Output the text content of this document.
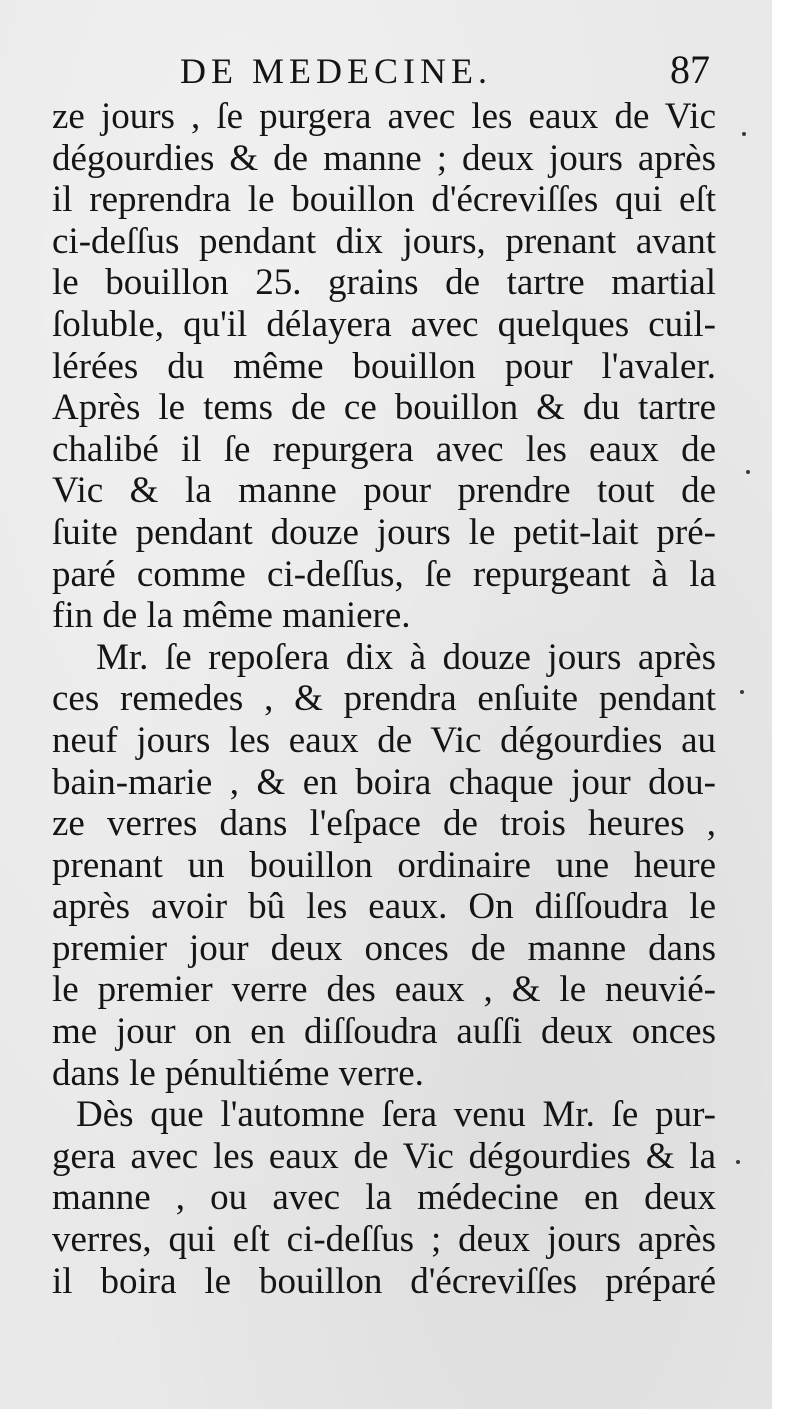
DE MEDECINE.	87
ze jours , ſe purgera avec les eaux de Vic
dégourdies & de manne ; deux jours après
il reprendra le bouillon d'écreviſſes qui eſt
ci-deſſus pendant dix jours, prenant avant
le bouillon 25. grains de tartre martial
ſoluble, qu'il délayera avec quelques cuil-
lérées du même bouillon pour l'avaler.
Après le tems de ce bouillon & du tartre
chalibé il ſe repurgera avec les eaux de
Vic & la manne pour prendre tout de
ſuite pendant douze jours le petit-lait pré-
paré comme ci-deſſus, ſe repurgeant à la
fin de la même maniere.
Mr. ſe repoſera dix à douze jours après
ces remedes , & prendra enſuite pendant
neuf jours les eaux de Vic dégourdies au
bain-marie , & en boira chaque jour dou-
ze verres dans l'eſpace de trois heures ,
prenant un bouillon ordinaire une heure
après avoir bû les eaux. On diſſoudra le
premier jour deux onces de manne dans
le premier verre des eaux , & le neuvié-
me jour on en diſſoudra auſſi deux onces
dans le pénultiéme verre.
Dès que l'automne ſera venu Mr. ſe pur-
gera avec les eaux de Vic dégourdies & la
manne , ou avec la médecine en deux
verres, qui eſt ci-deſſus ; deux jours après
il boira le bouillon d'écreviſſes préparé
